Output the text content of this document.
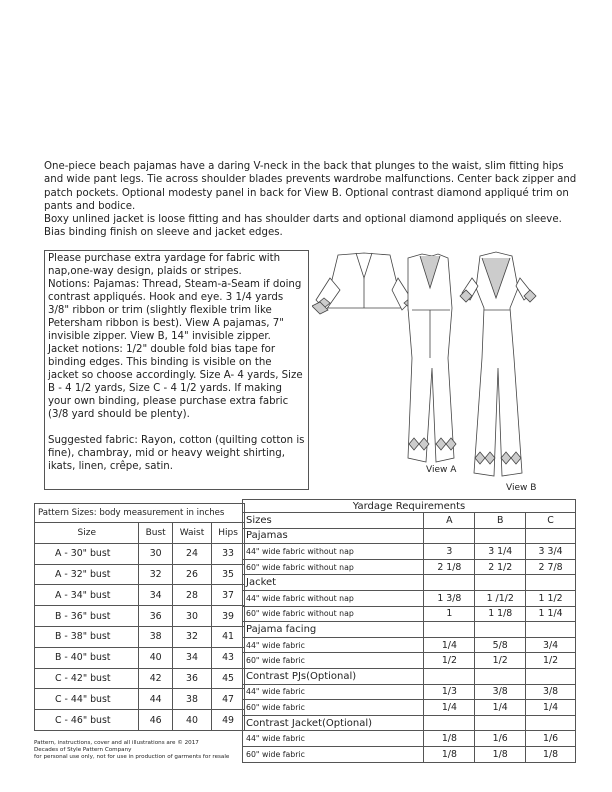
One-piece beach pajamas have a daring V-neck in the back that plunges to the waist, slim fitting hips and wide pant legs. Tie across shoulder blades prevents wardrobe malfunctions. Center back zipper and patch pockets. Optional modesty panel in back for View B. Optional contrast diamond appliqué trim on pants and bodice.

Boxy unlined jacket is loose fitting and has shoulder darts and optional diamond appliqués on sleeve. Bias binding finish on sleeve and jacket edges.

Please purchase extra yardage for fabric with nap,one-way design, plaids or stripes.

Notions: Pajamas: Thread, Steam-a-Seam if doing contrast appliqués. Hook and eye. 3 1/4 yards 3/8" ribbon or trim (slightly flexible trim like Petersham ribbon is best). View A pajamas, 7" invisible zipper. View B, 14" invisible zipper.

Jacket notions: 1/2" double fold bias tape for binding edges. This binding is visible on the jacket so choose accordingly. Size A- 4 yards, Size B - 4 1/2 yards, Size C - 4 1/2 yards. If making your own binding, please purchase extra fabric (3/8 yard should be plenty).

Suggested fabric: Rayon, cotton (quilting cotton is fine), chambray, mid or heavy weight shirting, ikats, linen, crêpe, satin.	View A
View B
Pattern Sizes: body measurement in inches			
Size	Bust	Waist	Hips
A - 30" bust	30	24	33
A - 32" bust	32	26	35
A - 34" bust	34	28	37
B - 36" bust	36	30	39
B - 38" bust	38	32	41
B - 40" bust	40	34	43
C - 42" bust	42	36	45
C - 44" bust	44	38	47
C - 46" bust	46	40	49
Yardage Requirements			
Sizes	A	B	C
Pajamas			
44" wide fabric without nap	3	3 1/4	3 3/4
60" wide fabric without nap	2 1/8	2 1/2	2 7/8
Jacket			
44" wide fabric without nap	1 3/8	1 /1/2	1 1/2
60" wide fabric without nap	1	1 1/8	1 1/4
Pajama facing			
44" wide fabric	1/4	5/8	3/4
60" wide fabric	1/2	1/2	1/2
Contrast PJs(Optional)			
44" wide fabric	1/3	3/8	3/8
60" wide fabric	1/4	1/4	1/4
Contrast Jacket(Optional)			
44" wide fabric	1/8	1/6	1/6
60" wide fabric	1/8	1/8	1/8

Pattern, instructions, cover and all illustrations are © 2017

Decades of Style Pattern Company

for personal use only, not for use in production of garments for resale
